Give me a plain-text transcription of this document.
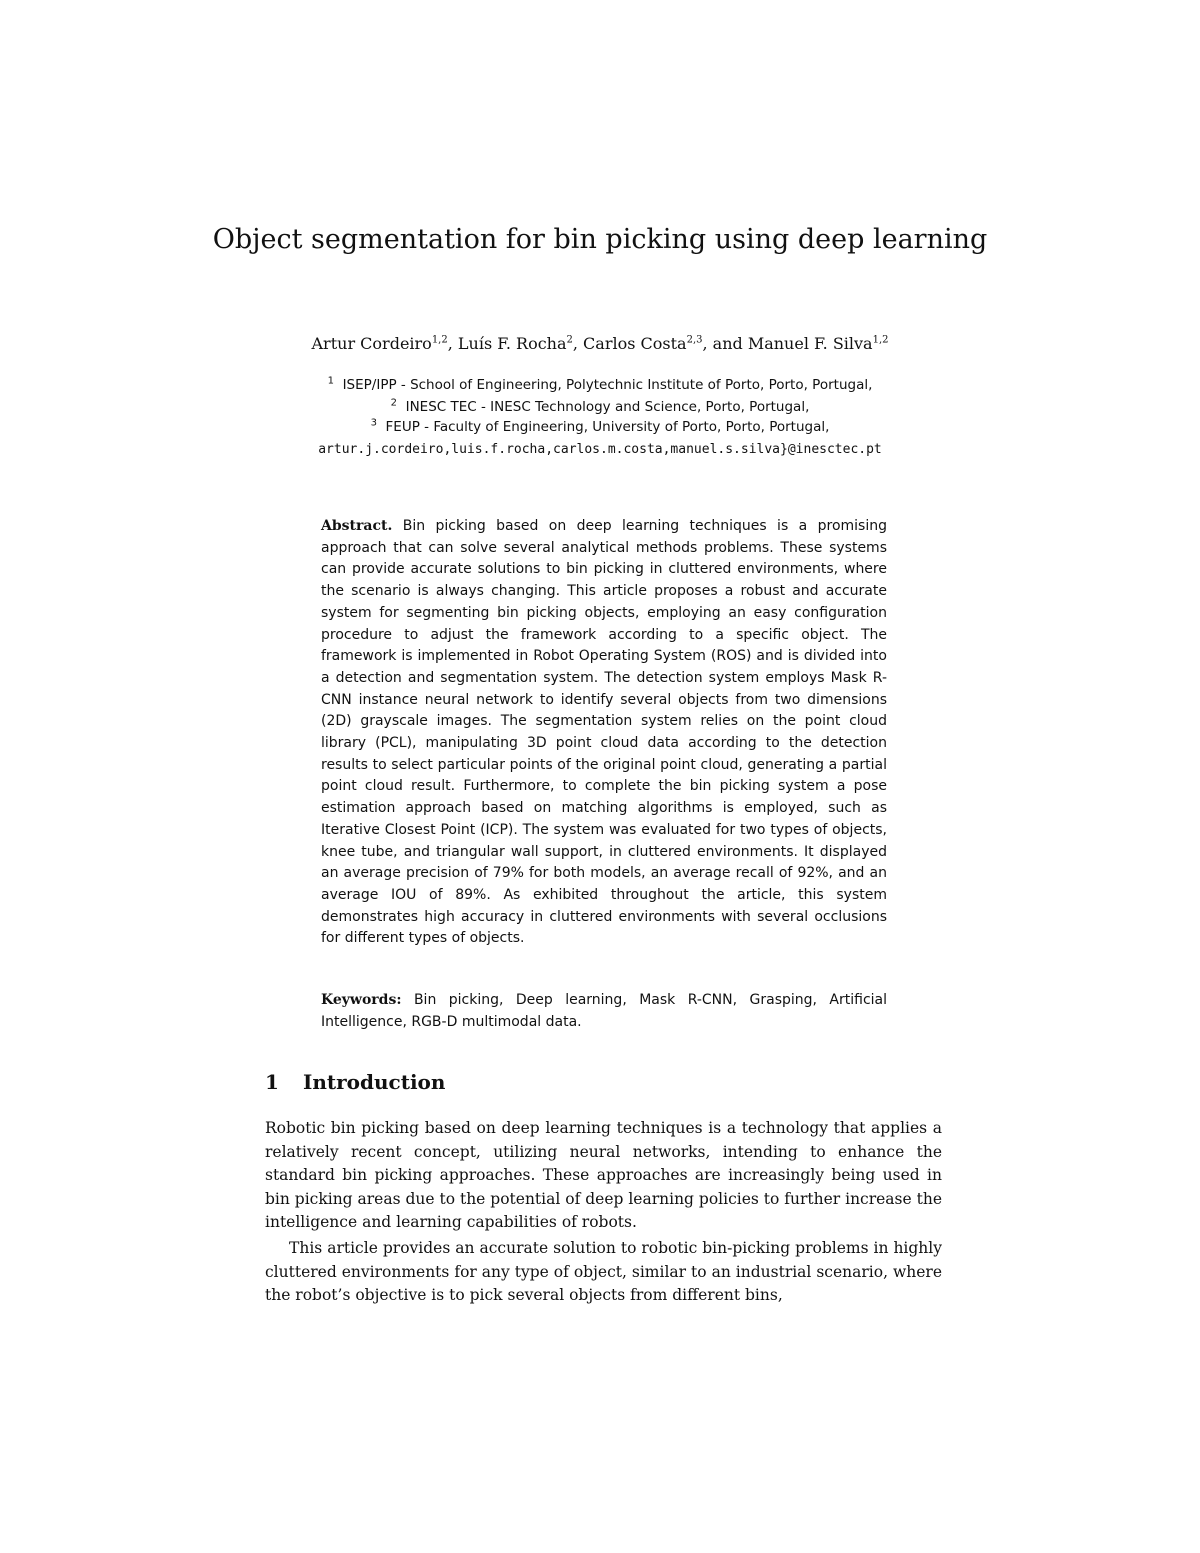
Object segmentation for bin picking using deep learning
Artur Cordeiro$^{1,2}$, Luís F. Rocha$^2$, Carlos Costa$^{2,3}$, and Manuel F. Silva$^{1,2}$
$^1$ ISEP/IPP - School of Engineering, Polytechnic Institute of Porto, Porto, Portugal,
$^2$ INESC TEC - INESC Technology and Science, Porto, Portugal,
$^3$ FEUP - Faculty of Engineering, University of Porto, Porto, Portugal,
artur.j.cordeiro,luis.f.rocha,carlos.m.costa,manuel.s.silva}@inesctec.pt

Abstract. Bin picking based on deep learning techniques is a promising approach that can solve several analytical methods problems. These systems can provide accurate solutions to bin picking in cluttered environments, where the scenario is always changing. This article proposes a robust and accurate system for segmenting bin picking objects, employing an easy configuration procedure to adjust the framework according to a specific object. The framework is implemented in Robot Operating System (ROS) and is divided into a detection and segmentation system. The detection system employs Mask R-CNN instance neural network to identify several objects from two dimensions (2D) grayscale images. The segmentation system relies on the point cloud library (PCL), manipulating 3D point cloud data according to the detection results to select particular points of the original point cloud, generating a partial point cloud result. Furthermore, to complete the bin picking system a pose estimation approach based on matching algorithms is employed, such as Iterative Closest Point (ICP). The system was evaluated for two types of objects, knee tube, and triangular wall support, in cluttered environments. It displayed an average precision of 79% for both models, an average recall of 92%, and an average IOU of 89%. As exhibited throughout the article, this system demonstrates high accuracy in cluttered environments with several occlusions for different types of objects.

Keywords: Bin picking, Deep learning, Mask R-CNN, Grasping, Artificial Intelligence, RGB-D multimodal data.

1 Introduction

Robotic bin picking based on deep learning techniques is a technology that applies a relatively recent concept, utilizing neural networks, intending to enhance the standard bin picking approaches. These approaches are increasingly being used in bin picking areas due to the potential of deep learning policies to further increase the intelligence and learning capabilities of robots.

This article provides an accurate solution to robotic bin-picking problems in highly cluttered environments for any type of object, similar to an industrial scenario, where the robot’s objective is to pick several objects from different bins,
